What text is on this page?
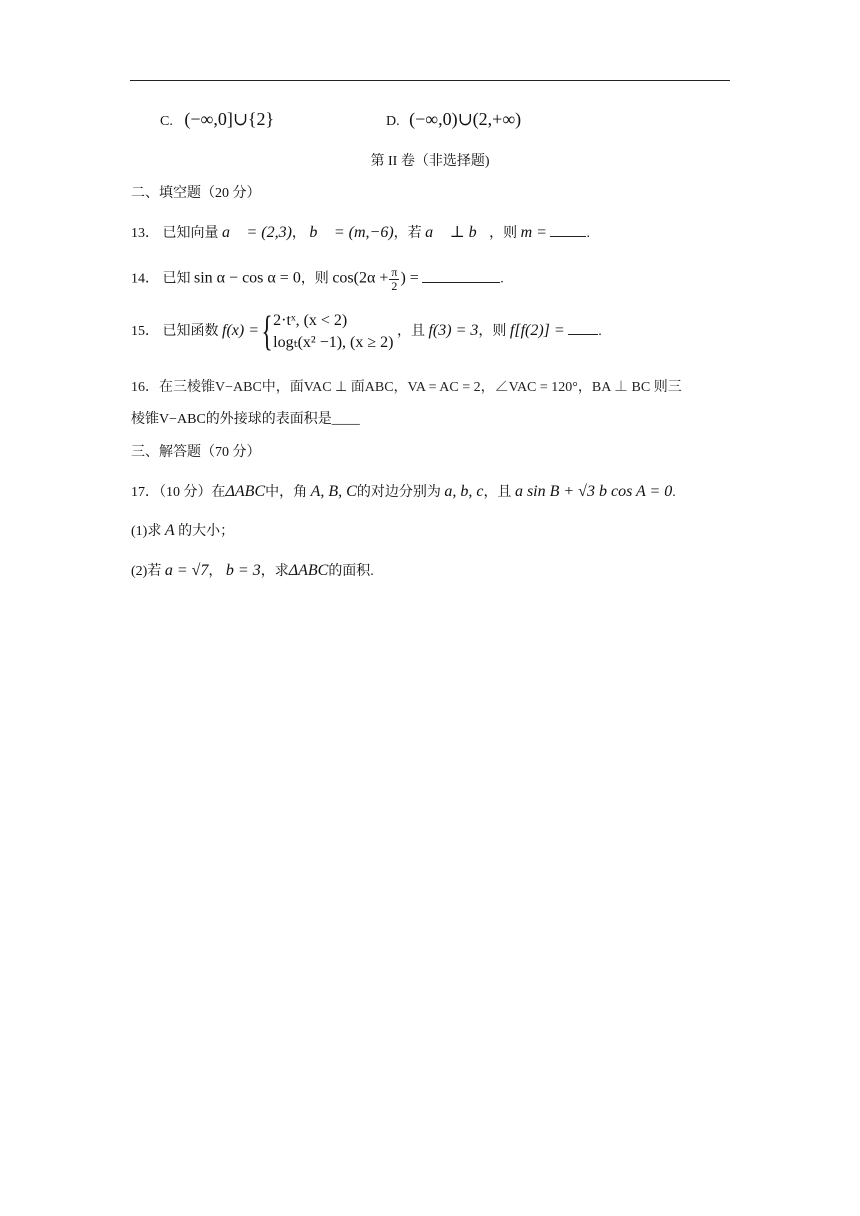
C. (−∞,0]∪{2}	D. (−∞,0)∪(2,+∞)
第 II 卷（非选择题)
二、填空题（20 分）
13． 已知向量 a⃗ = (2,3)， b⃗ = (m,−6)，若 a⃗ ⊥ b⃗，则 m =	.
14． 已知 sin α − cos α = 0，则 $\cos(2\alpha + \frac{\pi}{2}$ ) =	.
15． 已知函数 f(x) ={ 2·tˣ, (x < 2)
logₜ(x² −1), (x ≥ 2)
，且 f(3) = 3，则 f[f(2)] = .
16．在三棱锥V−ABC中，面VAC ⊥ 面ABC，VA = AC = 2，∠VAC = 120°，BA ⊥ BC 则三
棱锥V−ABC的外接球的表面积是____
三、解答题（70 分）
17．（10 分）在ΔABC中，角 A, B, C的对边分别为 a, b, c，且 a sin B + √3 b cos A = 0.
(1)求 A 的大小；
(2)若 a = √7， b = 3，求ΔABC的面积.
